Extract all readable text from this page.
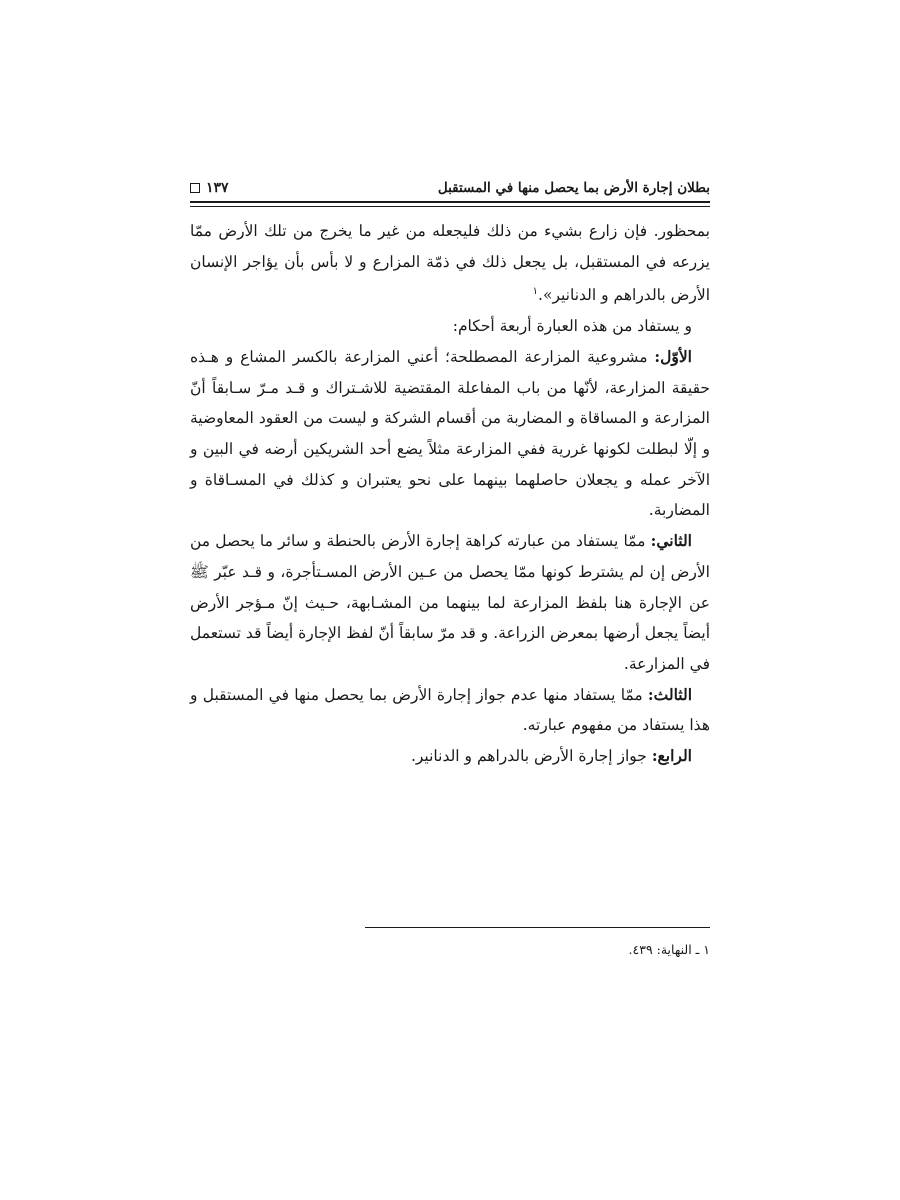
بطلان إجارة الأرض بما يحصل منها في المستقبل
١٣٧

بمحظور. فإن زارع بشيء من ذلك فليجعله من غير ما يخرج من تلك الأرض ممّا يزرعه في المستقبل، بل يجعل ذلك في ذمّة المزارع و لا بأس بأن يؤاجر الإنسان الأرض بالدراهم و الدنانير».$^١$

و يستفاد من هذه العبارة أربعة أحكام:

الأوّل: مشروعية المزارعة المصطلحة؛ أعني المزارعة بالكسر المشاع و هـذه حقيقة المزارعة، لأنّها من باب المفاعلة المقتضية للاشـتراك و قـد مـرّ سـابقاً أنّ المزارعة و المساقاة و المضاربة من أقسام الشركة و ليست من العقود المعاوضية و إلّا لبطلت لكونها غررية ففي المزارعة مثلاً يضع أحد الشريكين أرضه في البين و الآخر عمله و يجعلان حاصلهما بينهما على نحو يعتبران و كذلك في المسـاقاة و المضاربة.

الثاني: ممّا يستفاد من عبارته كراهة إجارة الأرض بالحنطة و سائر ما يحصل من الأرض إن لم يشترط كونها ممّا يحصل من عـين الأرض المسـتأجرة، و قـد عبّر ﷺ عن الإجارة هنا بلفظ المزارعة لما بينهما من المشـابهة، حـيث إنّ مـؤجر الأرض أيضاً يجعل أرضها بمعرض الزراعة. و قد مرّ سابقاً أنّ لفظ الإجارة أيضاً قد تستعمل في المزارعة.

الثالث: ممّا يستفاد منها عدم جواز إجارة الأرض بما يحصل منها في المستقبل و هذا يستفاد من مفهوم عبارته.

الرابع: جواز إجارة الأرض بالدراهم و الدنانير.

١ ـ النهاية: ٤٣٩.
